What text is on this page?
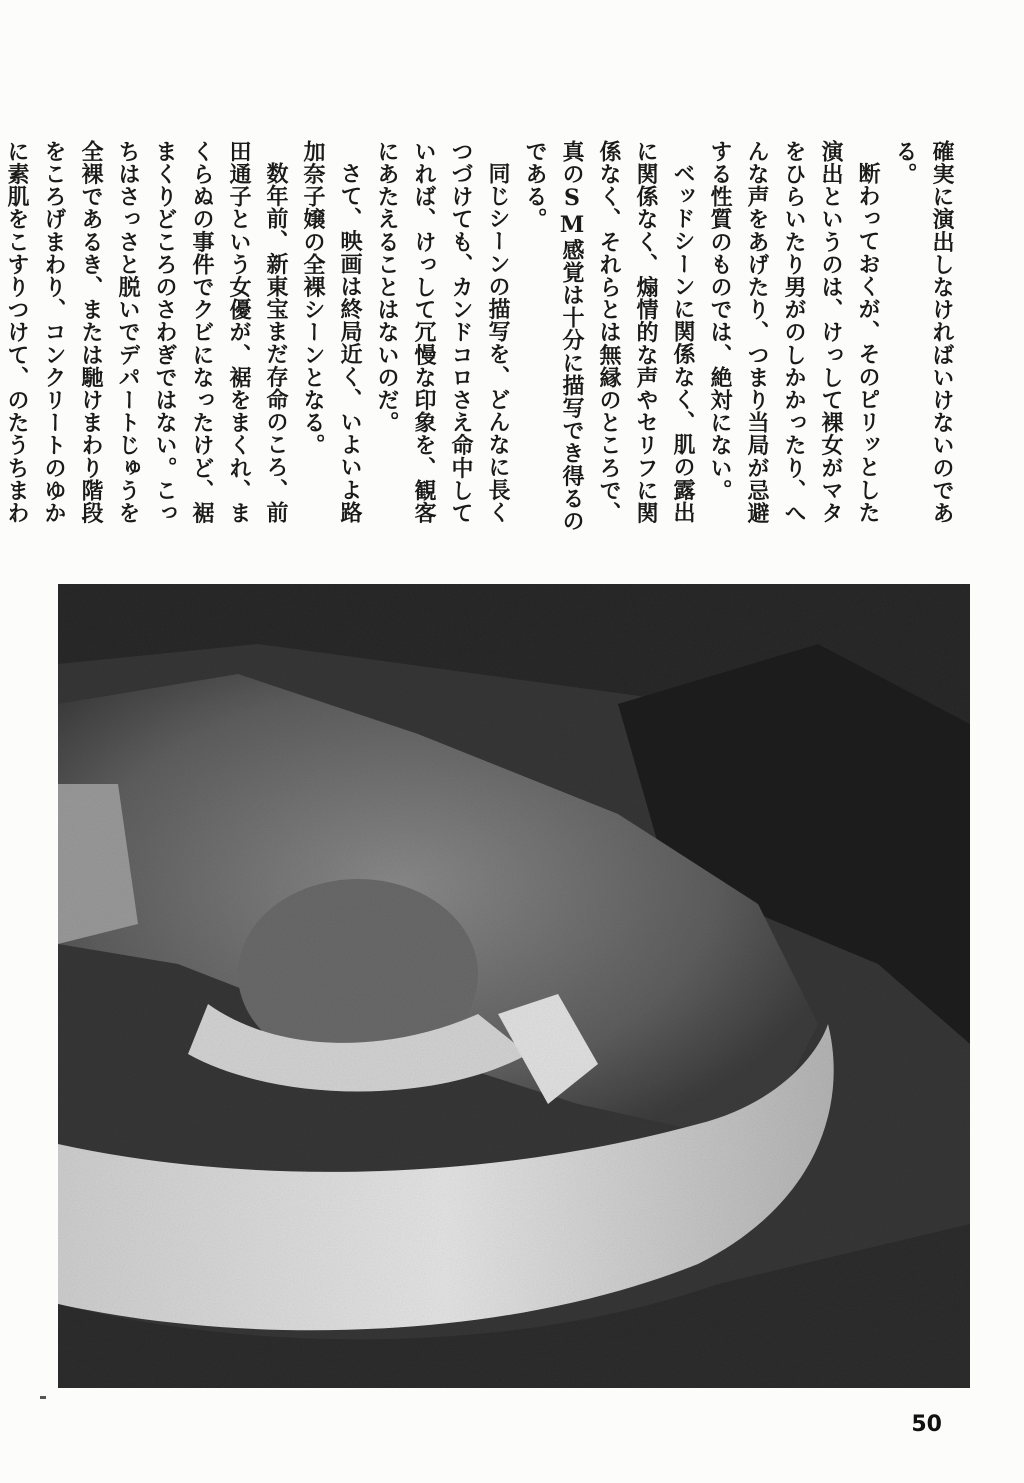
確実に演出しなければいけないのである。

断わっておくが、そのピリッとした演出というのは、けっして裸女がマタをひらいたり男がのしかかったり、へんな声をあげたり、つまり当局が忌避する性質のものでは、絶対にない。

ベッドシーンに関係なく、肌の露出に関係なく、煽情的な声やセリフに関係なく、それらとは無縁のところで、真のSM感覚は十分に描写でき得るのである。

同じシーンの描写を、どんなに長くつづけても、カンドコロさえ命中していれば、けっして冗慢な印象を、観客にあたえることはないのだ。

さて、映画は終局近く、いよいよ路加奈子嬢の全裸シーンとなる。

数年前、新東宝まだ存命のころ、前田通子という女優が、裾をまくれ、まくらぬの事件でクビになったけど、裾まくりどころのさわぎではない。こっちはさっさと脱いでデパートじゅうを全裸であるき、または馳けまわり階段をころげまわり、コンクリートのゆかに素肌をこすりつけて、のたうちまわ

50
